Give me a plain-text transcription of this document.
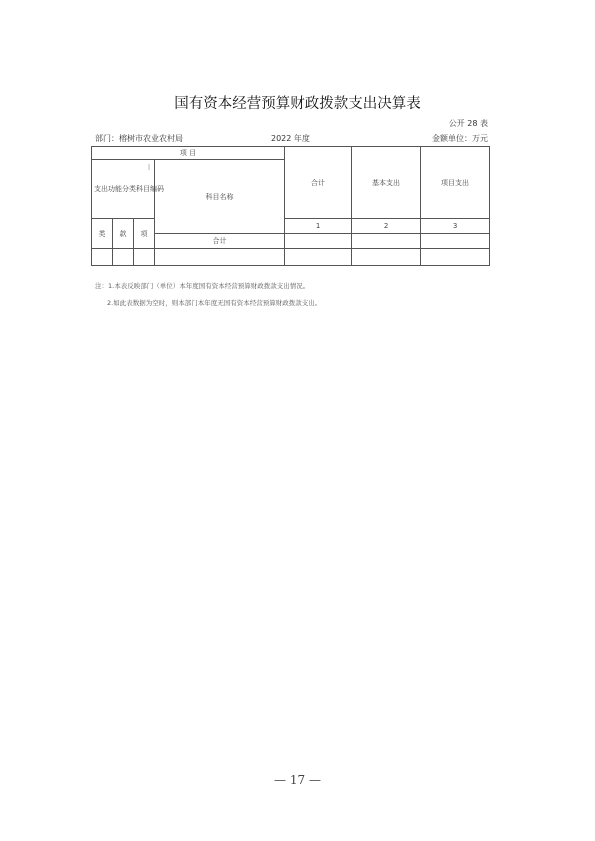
国有资本经营预算财政拨款支出决算表
公开 28 表
部门：榕树市农业农村局	2022 年度	金额单位：万元
项 目				合计	基本支出	项目支出

|
支出功能分类科目编码			科目名称			
类	款	项		1	2	3
			合计			

注：1.本表反映部门（单位）本年度国有资本经营预算财政拨款支出情况。
2.如此表数据为空时，则本部门本年度无国有资本经营预算财政拨款支出。
— 17 —
